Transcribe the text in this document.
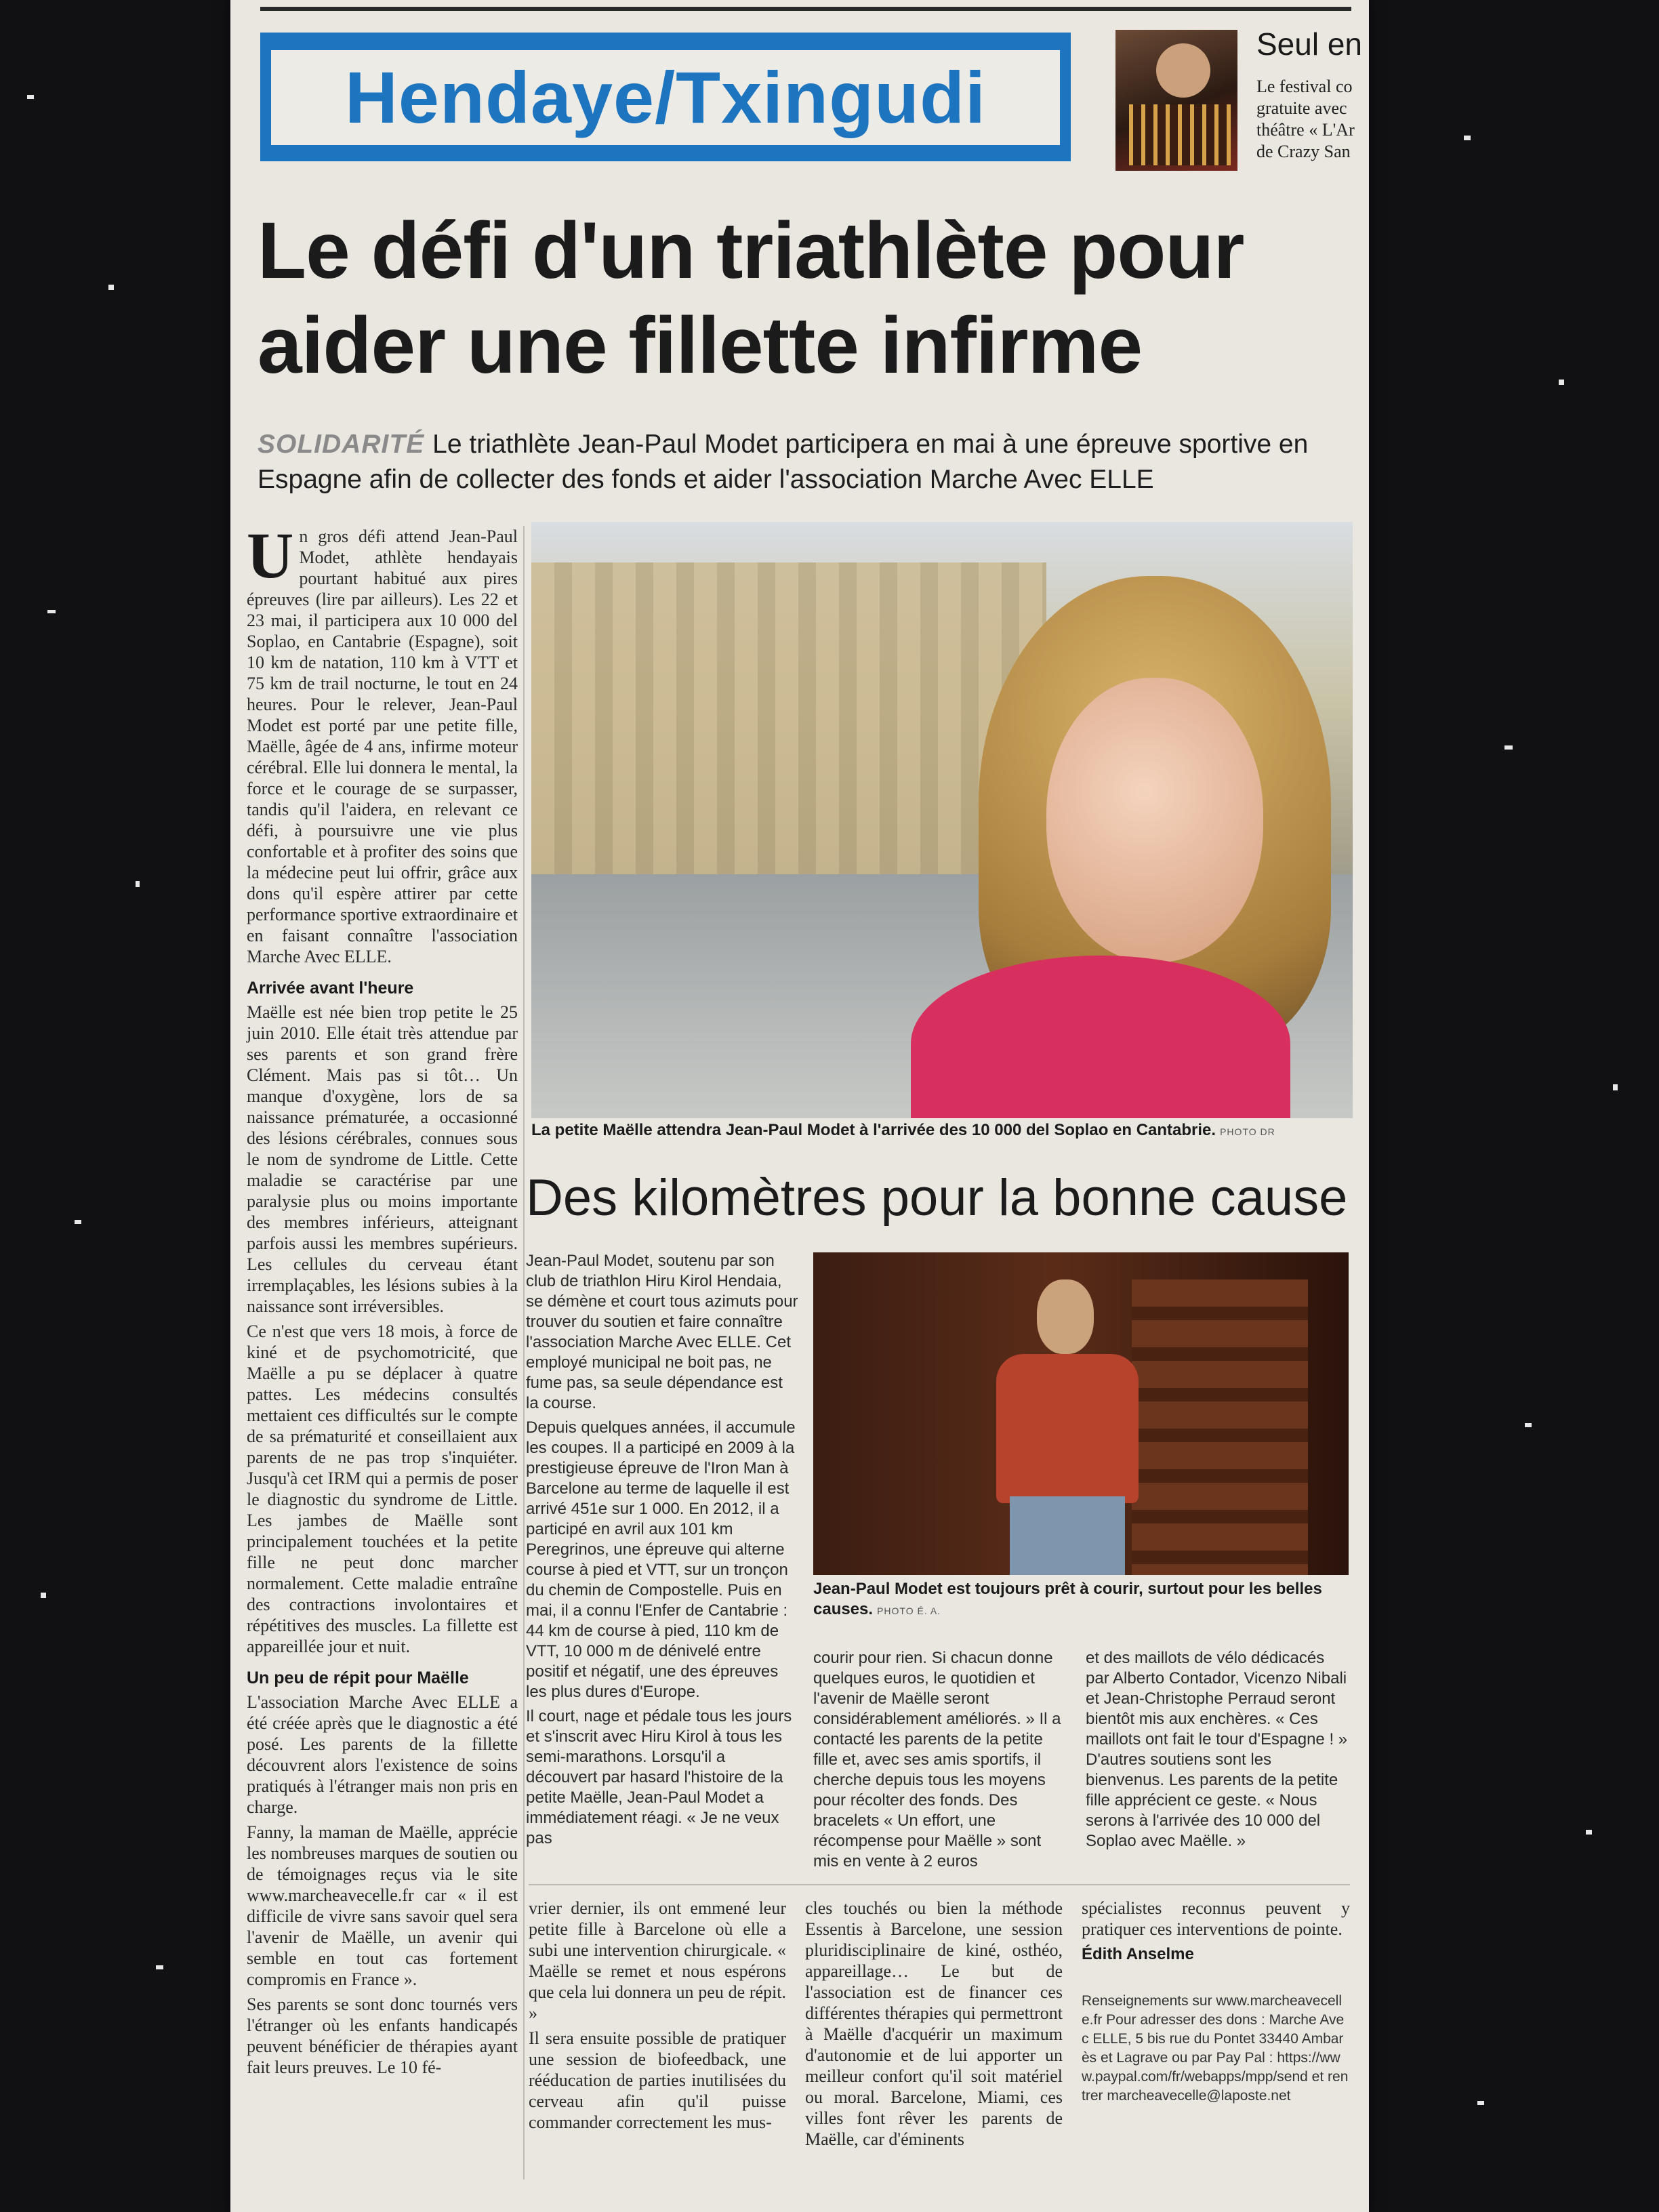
Hendaye/Txingudi
Seul en
Le festival co
gratuite avec
théâtre « L'Ar
de Crazy San
Le défi d'un triathlète pour
aider une fillette infirme
SOLIDARITÉ Le triathlète Jean-Paul Modet participera en mai à une épreuve sportive en Espagne afin de collecter des fonds et aider l'association Marche Avec ELLE

Un gros défi attend Jean-Paul Modet, athlète hendayais pourtant habitué aux pires épreuves (lire par ailleurs). Les 22 et 23 mai, il participera aux 10 000 del Soplao, en Cantabrie (Espagne), soit 10 km de natation, 110 km à VTT et 75 km de trail nocturne, le tout en 24 heures. Pour le relever, Jean-Paul Modet est porté par une petite fille, Maëlle, âgée de 4 ans, infirme moteur cérébral. Elle lui donnera le mental, la force et le courage de se surpasser, tandis qu'il l'aidera, en relevant ce défi, à poursuivre une vie plus confortable et à profiter des soins que la médecine peut lui offrir, grâce aux dons qu'il espère attirer par cette performance sportive extraordinaire et en faisant connaître l'association Marche Avec ELLE.

Arrivée avant l'heure

Maëlle est née bien trop petite le 25 juin 2010. Elle était très attendue par ses parents et son grand frère Clément. Mais pas si tôt… Un manque d'oxygène, lors de sa naissance prématurée, a occasionné des lésions cérébrales, connues sous le nom de syndrome de Little. Cette maladie se caractérise par une paralysie plus ou moins importante des membres inférieurs, atteignant parfois aussi les membres supérieurs. Les cellules du cerveau étant irremplaçables, les lésions subies à la naissance sont irréversibles.

Ce n'est que vers 18 mois, à force de kiné et de psychomotricité, que Maëlle a pu se déplacer à quatre pattes. Les médecins consultés mettaient ces difficultés sur le compte de sa prématurité et conseillaient aux parents de ne pas trop s'inquiéter. Jusqu'à cet IRM qui a permis de poser le diagnostic du syndrome de Little. Les jambes de Maëlle sont principalement touchées et la petite fille ne peut donc marcher normalement. Cette maladie entraîne des contractions involontaires et répétitives des muscles. La fillette est appareillée jour et nuit.

Un peu de répit pour Maëlle

L'association Marche Avec ELLE a été créée après que le diagnostic a été posé. Les parents de la fillette découvrent alors l'existence de soins pratiqués à l'étranger mais non pris en charge.

Fanny, la maman de Maëlle, apprécie les nombreuses marques de soutien ou de témoignages reçus via le site www.marcheavecelle.fr car « il est difficile de vivre sans savoir quel sera l'avenir de Maëlle, un avenir qui semble en tout cas fortement compromis en France ».

Ses parents se sont donc tournés vers l'étranger où les enfants handicapés peuvent bénéficier de thérapies ayant fait leurs preuves. Le 10 fé-

La petite Maëlle attendra Jean-Paul Modet à l'arrivée des 10 000 del Soplao en Cantabrie. PHOTO DR
Des kilomètres pour la bonne cause

Jean-Paul Modet, soutenu par son club de triathlon Hiru Kirol Hendaia, se démène et court tous azimuts pour trouver du soutien et faire connaître l'association Marche Avec ELLE. Cet employé municipal ne boit pas, ne fume pas, sa seule dépendance est la course.

Depuis quelques années, il accumule les coupes. Il a participé en 2009 à la prestigieuse épreuve de l'Iron Man à Barcelone au terme de laquelle il est arrivé 451e sur 1 000. En 2012, il a participé en avril aux 101 km Peregrinos, une épreuve qui alterne course à pied et VTT, sur un tronçon du chemin de Compostelle. Puis en mai, il a connu l'Enfer de Cantabrie : 44 km de course à pied, 110 km de VTT, 10 000 m de dénivelé entre positif et négatif, une des épreuves les plus dures d'Europe.

Il court, nage et pédale tous les jours et s'inscrit avec Hiru Kirol à tous les semi-marathons. Lorsqu'il a découvert par hasard l'histoire de la petite Maëlle, Jean-Paul Modet a immédiatement réagi. « Je ne veux pas

Jean-Paul Modet est toujours prêt à courir, surtout pour les belles causes. PHOTO É. A.

courir pour rien. Si chacun donne quelques euros, le quotidien et l'avenir de Maëlle seront considérablement améliorés. » Il a contacté les parents de la petite fille et, avec ses amis sportifs, il cherche depuis tous les moyens pour récolter des fonds. Des bracelets « Un effort, une récompense pour Maëlle » sont mis en vente à 2 euros

et des maillots de vélo dédicacés par Alberto Contador, Vicenzo Nibali et Jean-Christophe Perraud seront bientôt mis aux enchères. « Ces maillots ont fait le tour d'Espagne ! » D'autres soutiens sont les bienvenus. Les parents de la petite fille apprécient ce geste. « Nous serons à l'arrivée des 10 000 del Soplao avec Maëlle. »

vrier dernier, ils ont emmené leur petite fille à Barcelone où elle a subi une intervention chirurgicale. « Maëlle se remet et nous espérons que cela lui donnera un peu de répit. »

Il sera ensuite possible de pratiquer une session de biofeedback, une rééducation de parties inutilisées du cerveau afin qu'il puisse commander correctement les mus-

cles touchés ou bien la méthode Essentis à Barcelone, une session pluridisciplinaire de kiné, osthéo, appareillage… Le but de l'association est de financer ces différentes thérapies qui permettront à Maëlle d'acquérir un maximum d'autonomie et de lui apporter un meilleur confort qu'il soit matériel ou moral. Barcelone, Miami, ces villes font rêver les parents de Maëlle, car d'éminents

spécialistes reconnus peuvent y pratiquer ces interventions de pointe.

Édith Anselme
Renseignements sur www.marcheavecelle.fr Pour adresser des dons : Marche Avec ELLE, 5 bis rue du Pontet 33440 Ambarès et Lagrave ou par Pay Pal : https://www.paypal.com/fr/webapps/mpp/send et rentrer marcheavecelle@laposte.net
